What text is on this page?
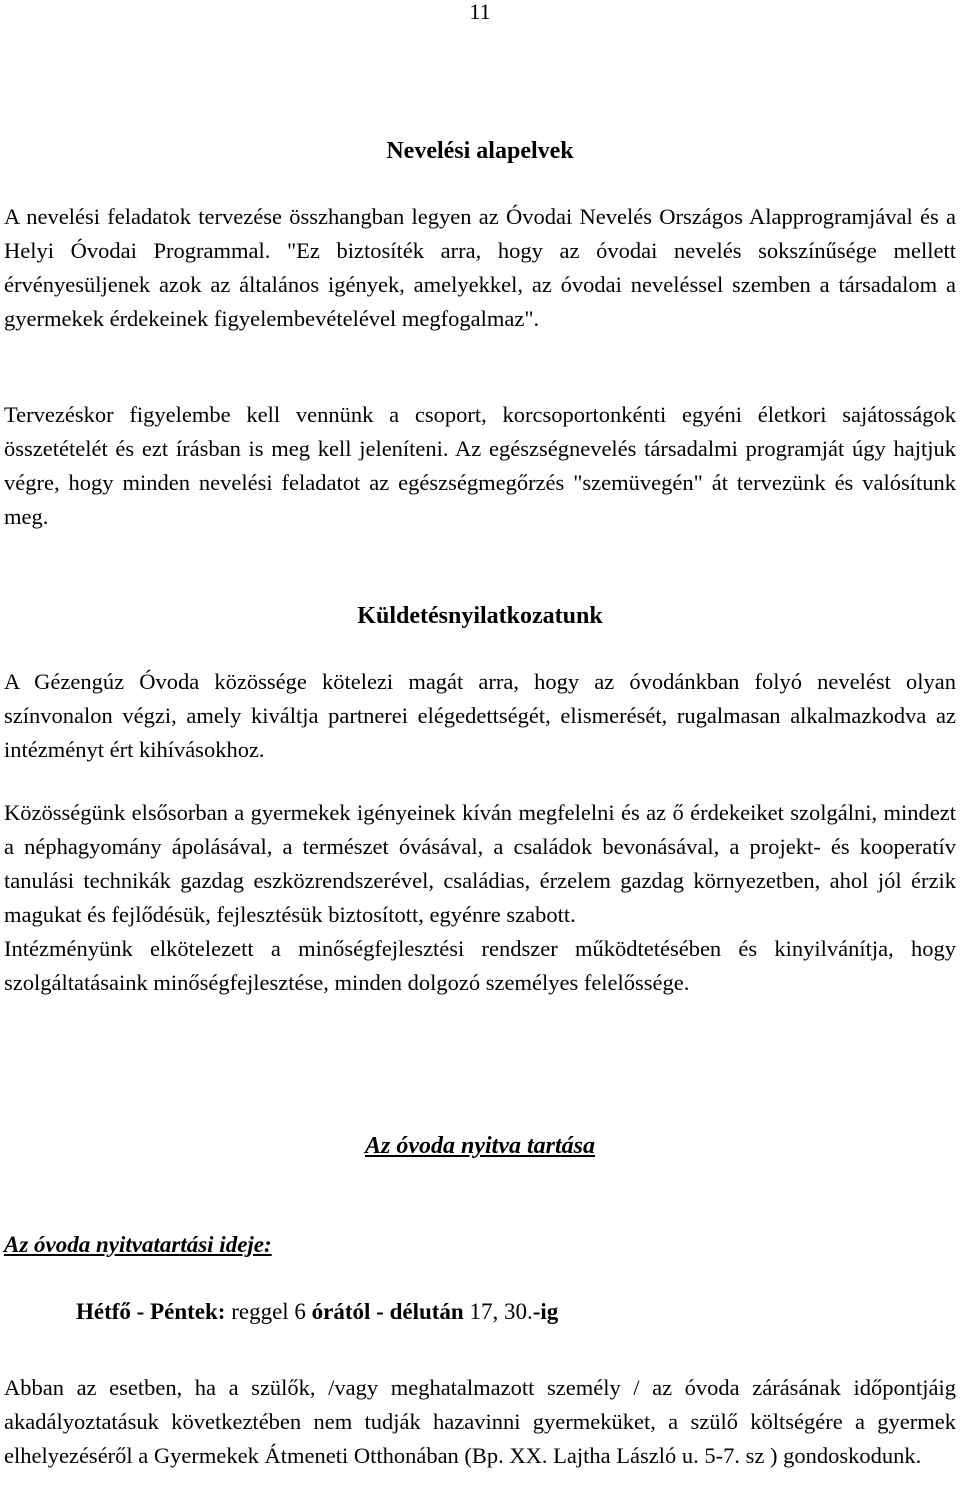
11
Nevelési alapelvek
A nevelési feladatok tervezése összhangban legyen az Óvodai Nevelés Országos Alapprogramjával és a Helyi Óvodai Programmal. "Ez biztosíték arra, hogy az óvodai nevelés sokszínűsége mellett érvényesüljenek azok az általános igények, amelyekkel, az óvodai neveléssel szemben a társadalom a gyermekek érdekeinek figyelembevételével megfogalmaz".
Tervezéskor figyelembe kell vennünk a csoport, korcsoportonkénti egyéni életkori sajátosságok összetételét és ezt írásban is meg kell jeleníteni. Az egészségnevelés társadalmi programját úgy hajtjuk végre, hogy minden nevelési feladatot az egészségmegőrzés "szemüvegén" át tervezünk és valósítunk meg.
Küldetésnyilatkozatunk
A Gézengúz Óvoda közössége kötelezi magát arra, hogy az óvodánkban folyó nevelést olyan színvonalon végzi, amely kiváltja partnerei elégedettségét, elismerését, rugalmasan alkalmazkodva az intézményt ért kihívásokhoz.
Közösségünk elsősorban a gyermekek igényeinek kíván megfelelni és az ő érdekeiket szolgálni, mindezt a néphagyomány ápolásával, a természet óvásával, a családok bevonásával, a projekt- és kooperatív tanulási technikák gazdag eszközrendszerével, családias, érzelem gazdag környezetben, ahol jól érzik magukat és fejlődésük, fejlesztésük biztosított, egyénre szabott.
Intézményünk elkötelezett a minőségfejlesztési rendszer működtetésében és kinyilvánítja, hogy szolgáltatásaink minőségfejlesztése, minden dolgozó személyes felelőssége.
Az óvoda nyitva tartása
Az óvoda nyitvatartási ideje:
Hétfő - Péntek: reggel 6 órától - délután 17, 30.-ig
Abban az esetben, ha a szülők, /vagy meghatalmazott személy / az óvoda zárásának időpontjáig akadályoztatásuk következtében nem tudják hazavinni gyermeküket, a szülő költségére a gyermek elhelyezéséről a Gyermekek Átmeneti Otthonában (Bp. XX. Lajtha László u. 5-7. sz ) gondoskodunk.
